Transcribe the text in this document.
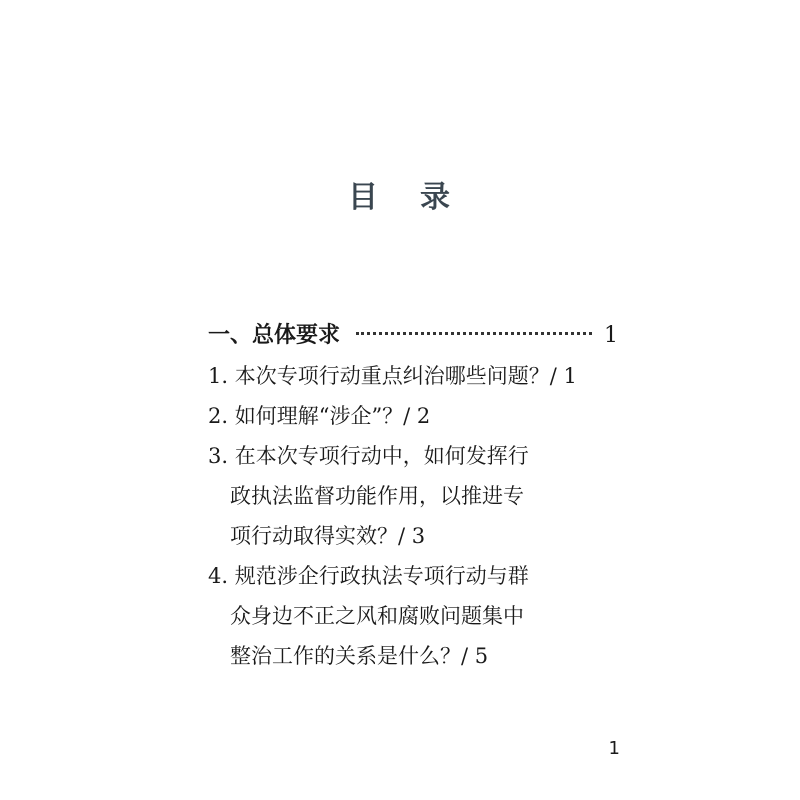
目 录
一、总体要求	1
1. 本次专项行动重点纠治哪些问题？/ 1
2. 如何理解“涉企”？/ 2
3. 在本次专项行动中，如何发挥行
政执法监督功能作用，以推进专
项行动取得实效？/ 3
4. 规范涉企行政执法专项行动与群
众身边不正之风和腐败问题集中
整治工作的关系是什么？/ 5
1
